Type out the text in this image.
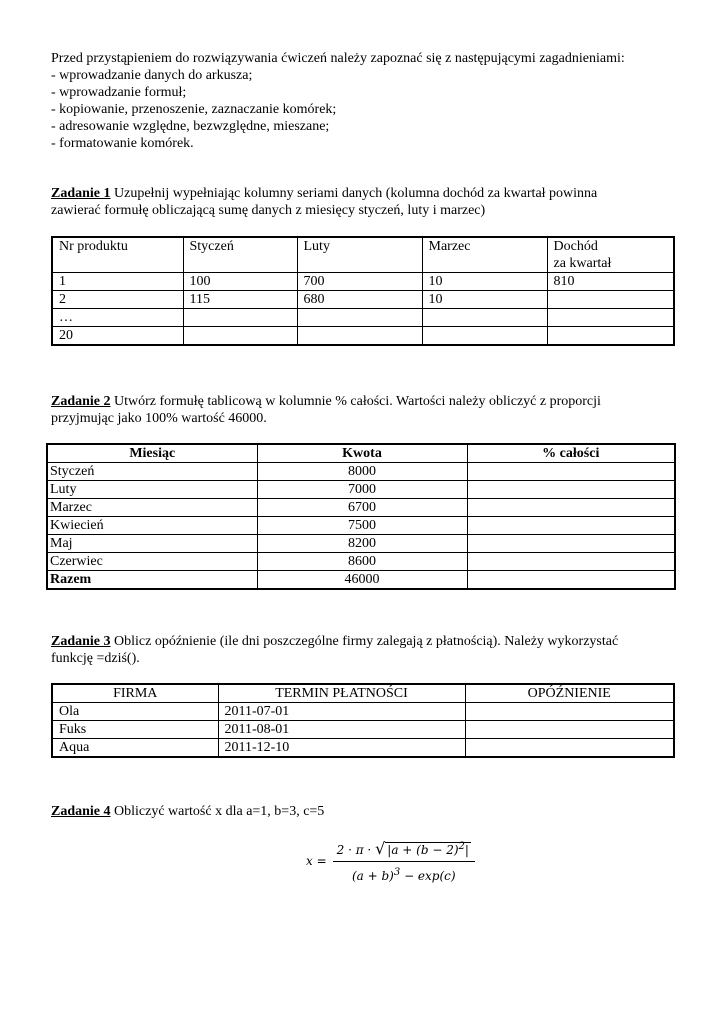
Przed przystąpieniem do rozwiązywania ćwiczeń należy zapoznać się z następującymi zagadnieniami:

- wprowadzanie danych do arkusza;

- wprowadzanie formuł;

- kopiowanie, przenoszenie, zaznaczanie komórek;

- adresowanie względne, bezwzględne, mieszane;

- formatowanie komórek.

Zadanie 1 Uzupełnij wypełniając kolumny seriami danych (kolumna dochód za kwartał powinna
zawierać formułę obliczającą sumę danych z miesięcy styczeń, luty i marzec)

Nr produktu	Styczeń	Luty	Marzec	Dochód
za kwartał
1	100	700	10	810
2	115	680	10	
…				
20				

Zadanie 2 Utwórz formułę tablicową w kolumnie % całości. Wartości należy obliczyć z proporcji
przyjmując jako 100% wartość 46000.

Miesiąc	Kwota	% całości
Styczeń	8000	
Luty	7000	
Marzec	6700	
Kwiecień	7500	
Maj	8200	
Czerwiec	8600	
Razem	46000	

Zadanie 3 Oblicz opóźnienie (ile dni poszczególne firmy zalegają z płatnością). Należy wykorzystać
funkcję =dziś().

FIRMA	TERMIN PŁATNOŚCI	OPÓŹNIENIE
Ola	2011-07-01	
Fuks	2011-08-01	
Aqua	2011-12-10	

Zadanie 4 Obliczyć wartość x dla a=1, b=3, c=5

x =	2 · π · √ $|a + (b - 2)^2|$
$(a + b)^3 - \exp(c)$
